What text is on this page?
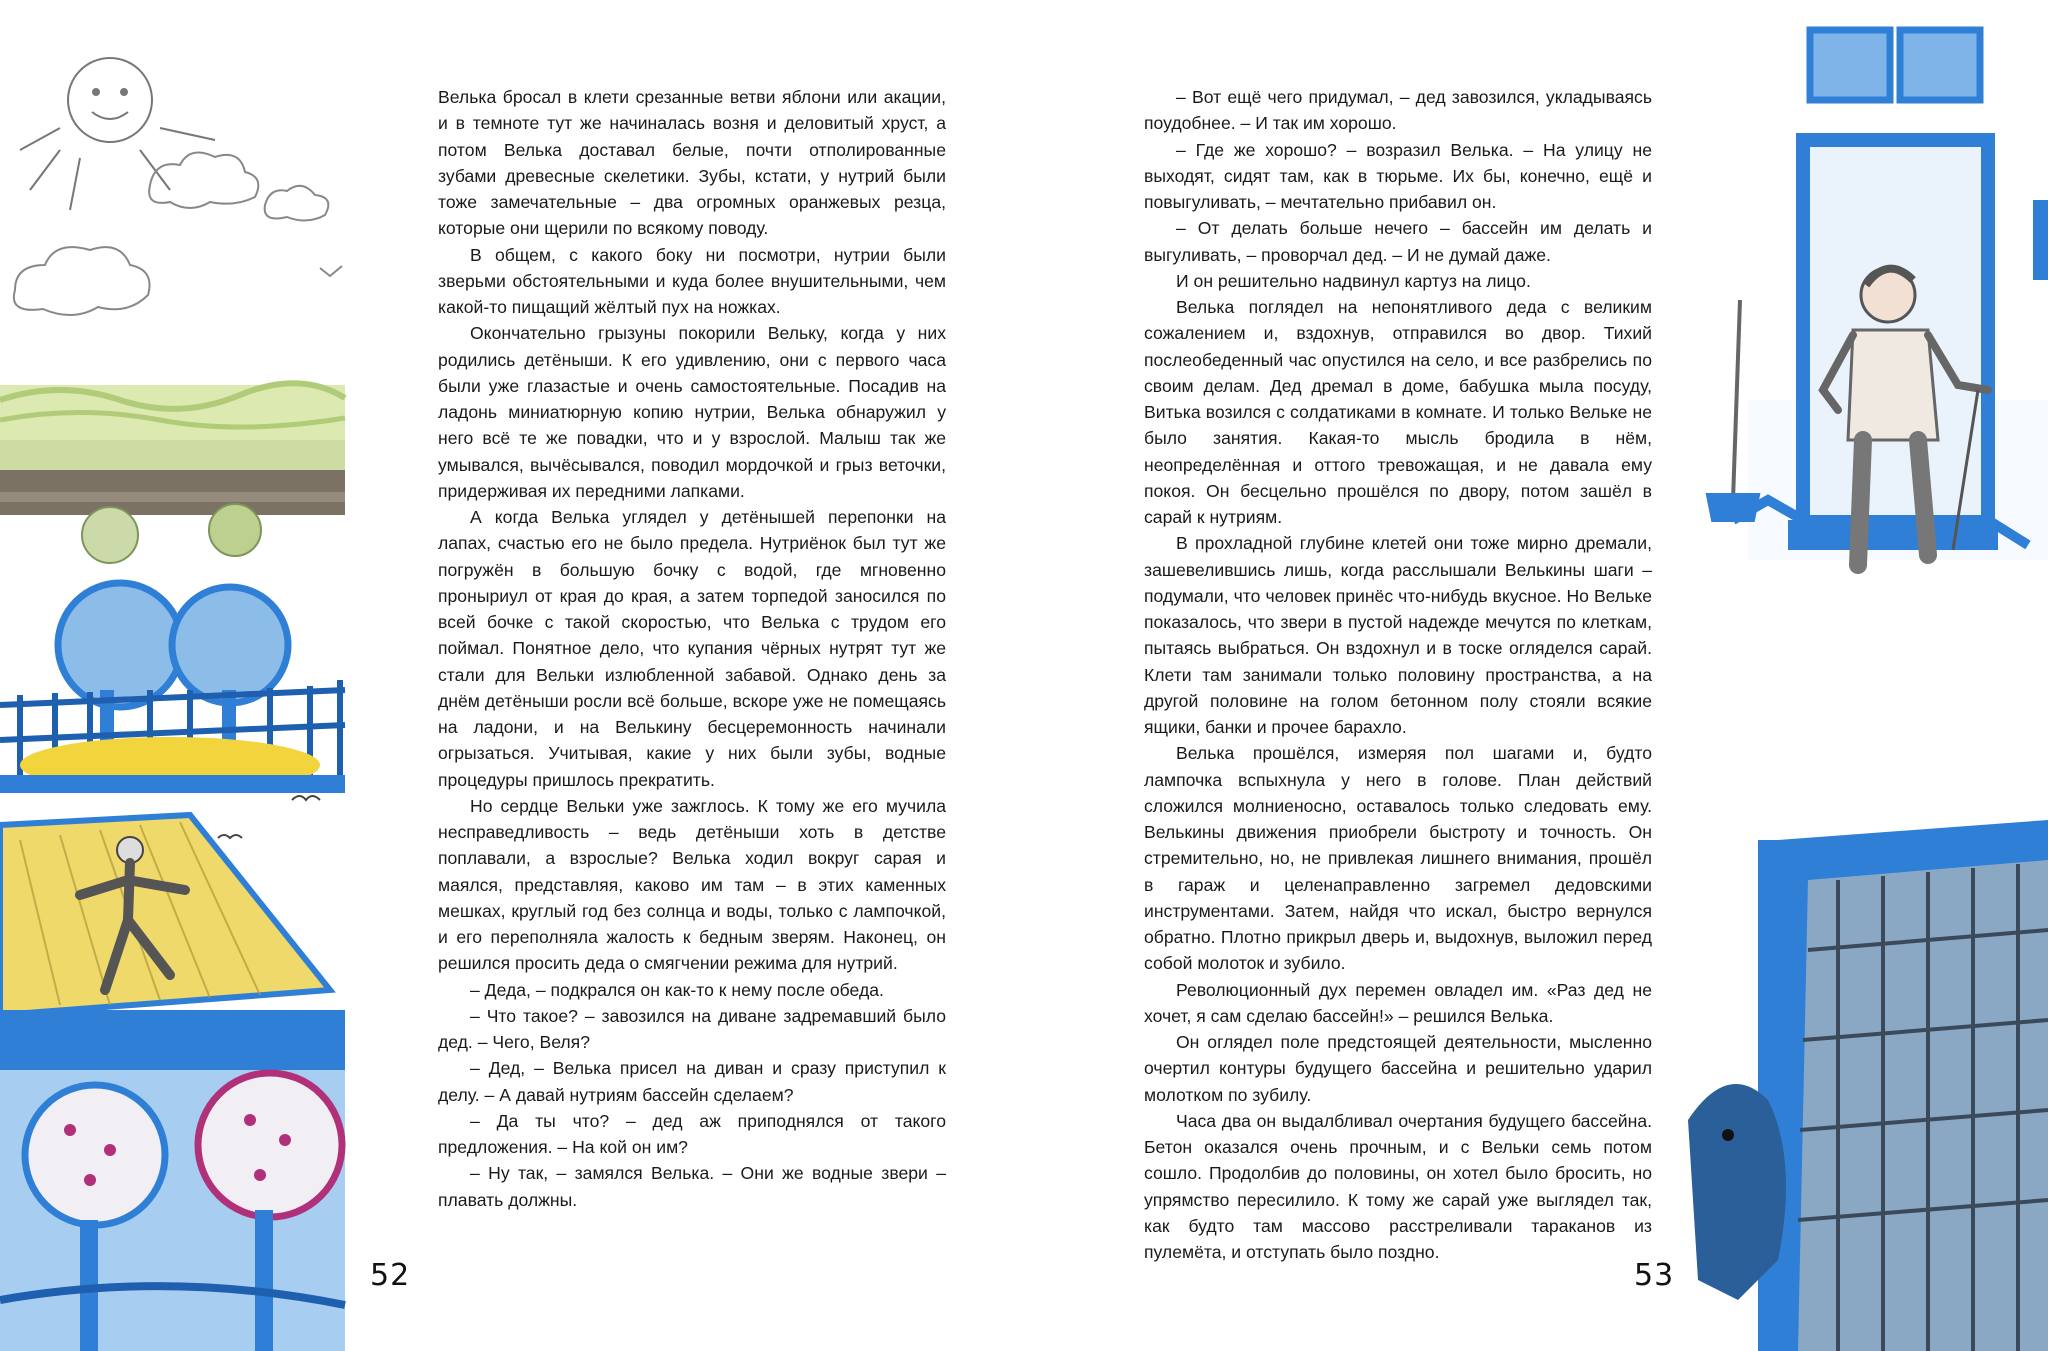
Велька бросал в клети срезанные ветви яблони или акации, и в темноте тут же начиналась возня и деловитый хруст, а потом Велька доставал белые, почти отполированные зубами древесные скелетики. Зубы, кстати, у нутрий были тоже замечательные – два огромных оранжевых резца, которые они щерили по всякому поводу.

В общем, с какого боку ни посмотри, нутрии были зверьми обстоятельными и куда более внушительными, чем какой-то пищащий жёлтый пух на ножках.

Окончательно грызуны покорили Вельку, когда у них родились детёныши. К его удивлению, они с первого часа были уже глазастые и очень самостоятельные. Посадив на ладонь миниатюрную копию нутрии, Велька обнаружил у него всё те же повадки, что и у взрослой. Малыш так же умывался, вычёсывался, поводил мордочкой и грыз веточки, придерживая их передними лапками.

А когда Велька углядел у детёнышей перепонки на лапах, счастью его не было предела. Нутриёнок был тут же погружён в большую бочку с водой, где мгновенно проныриул от края до края, а затем торпедой заносился по всей бочке с такой скоростью, что Велька с трудом его поймал. Понятное дело, что купания чёрных нутрят тут же стали для Вельки излюбленной забавой. Однако день за днём детёныши росли всё больше, вскоре уже не помещаясь на ладони, и на Велькину бесцеремонность начинали огрызаться. Учитывая, какие у них были зубы, водные процедуры пришлось прекратить.

Но сердце Вельки уже зажглось. К тому же его мучила несправедливость – ведь детёныши хоть в детстве поплавали, а взрослые? Велька ходил вокруг сарая и маялся, представляя, каково им там – в этих каменных мешках, круглый год без солнца и воды, только с лампочкой, и его переполняла жалость к бедным зверям. Наконец, он решился просить деда о смягчении режима для нутрий.

– Деда, – подкрался он как-то к нему после обеда.

– Что такое? – завозился на диване задремавший было дед. – Чего, Веля?

– Дед, – Велька присел на диван и сразу приступил к делу. – А давай нутриям бассейн сделаем?

– Да ты что? – дед аж приподнялся от такого предложения. – На кой он им?

– Ну так, – замялся Велька. – Они же водные звери – плавать должны.

52

– Вот ещё чего придумал, – дед завозился, укладываясь поудобнее. – И так им хорошо.

– Где же хорошо? – возразил Велька. – На улицу не выходят, сидят там, как в тюрьме. Их бы, конечно, ещё и повыгуливать, – мечтательно прибавил он.

– От делать больше нечего – бассейн им делать и выгуливать, – проворчал дед. – И не думай даже.

И он решительно надвинул картуз на лицо.

Велька поглядел на непонятливого деда с великим сожалением и, вздохнув, отправился во двор. Тихий послеобеденный час опустился на село, и все разбрелись по своим делам. Дед дремал в доме, бабушка мыла посуду, Витька возился с солдатиками в комнате. И только Вельке не было занятия. Какая-то мысль бродила в нём, неопределённая и оттого тревожащая, и не давала ему покоя. Он бесцельно прошёлся по двору, потом зашёл в сарай к нутриям.

В прохладной глубине клетей они тоже мирно дремали, зашевелившись лишь, когда расслышали Велькины шаги – подумали, что человек принёс что-нибудь вкусное. Но Вельке показалось, что звери в пустой надежде мечутся по клеткам, пытаясь выбраться. Он вздохнул и в тоске огляделся сарай. Клети там занимали только половину пространства, а на другой половине на голом бетонном полу стояли всякие ящики, банки и прочее барахло.

Велька прошёлся, измеряя пол шагами и, будто лампочка вспыхнула у него в голове. План действий сложился молниеносно, оставалось только следовать ему. Велькины движения приобрели быстроту и точность. Он стремительно, но, не привлекая лишнего внимания, прошёл в гараж и целенаправленно загремел дедовскими инструментами. Затем, найдя что искал, быстро вернулся обратно. Плотно прикрыл дверь и, выдохнув, выложил перед собой молоток и зубило.

Революционный дух перемен овладел им. «Раз дед не хочет, я сам сделаю бассейн!» – решился Велька.

Он оглядел поле предстоящей деятельности, мысленно очертил контуры будущего бассейна и решительно ударил молотком по зубилу.

Часа два он выдалбливал очертания будущего бассейна. Бетон оказался очень прочным, и с Вельки семь потом сошло. Продолбив до половины, он хотел было бросить, но упрямство пересилило. К тому же сарай уже выглядел так, как будто там массово расстреливали тараканов из пулемёта, и отступать было поздно.

53
